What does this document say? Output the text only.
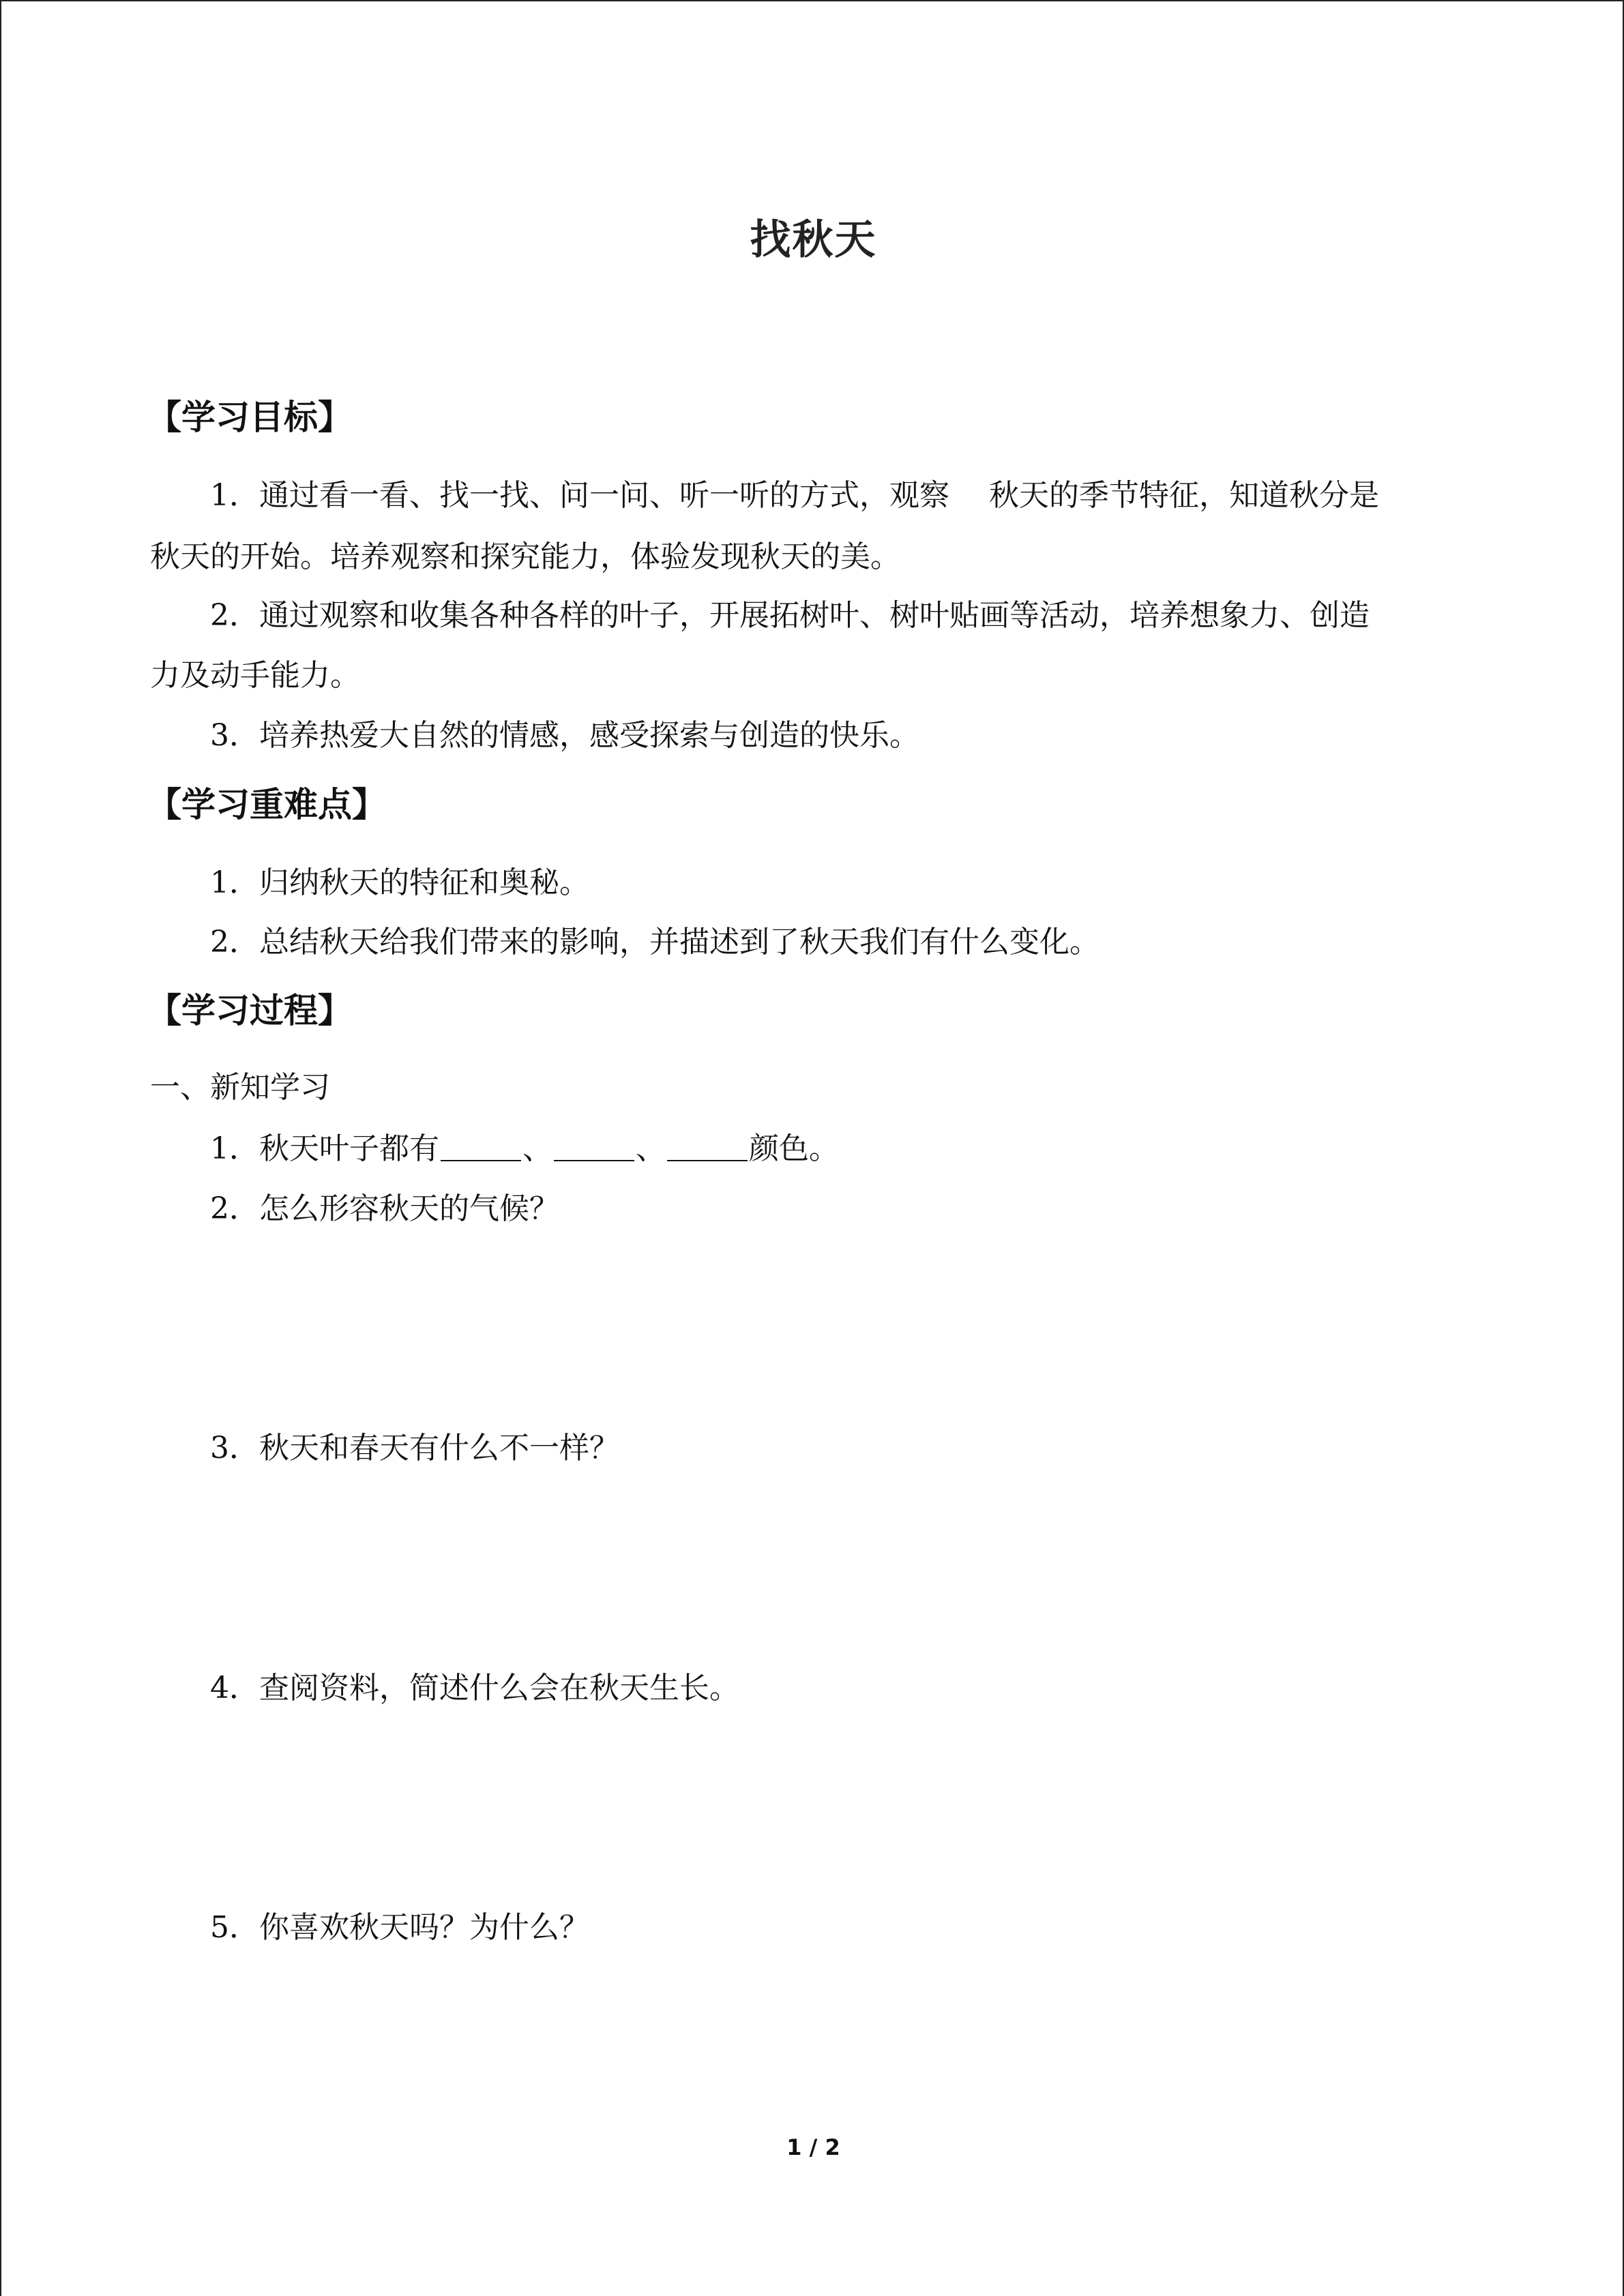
找秋天
【学习目标】
1．通过看一看、找一找、问一问、听一听的方式，观察　 秋天的季节特征，知道秋分是
秋天的开始。培养观察和探究能力，体验发现秋天的美。
2．通过观察和收集各种各样的叶子，开展拓树叶、树叶贴画等活动，培养想象力、创造
力及动手能力。
3．培养热爱大自然的情感，感受探索与创造的快乐。
【学习重难点】
1．归纳秋天的特征和奥秘。
2．总结秋天给我们带来的影响，并描述到了秋天我们有什么变化。
【学习过程】
一、新知学习
1．秋天叶子都有	、	、	颜色。
2．怎么形容秋天的气候？
3．秋天和春天有什么不一样？
4．查阅资料，简述什么会在秋天生长。
5．你喜欢秋天吗？为什么？
1 / 2
